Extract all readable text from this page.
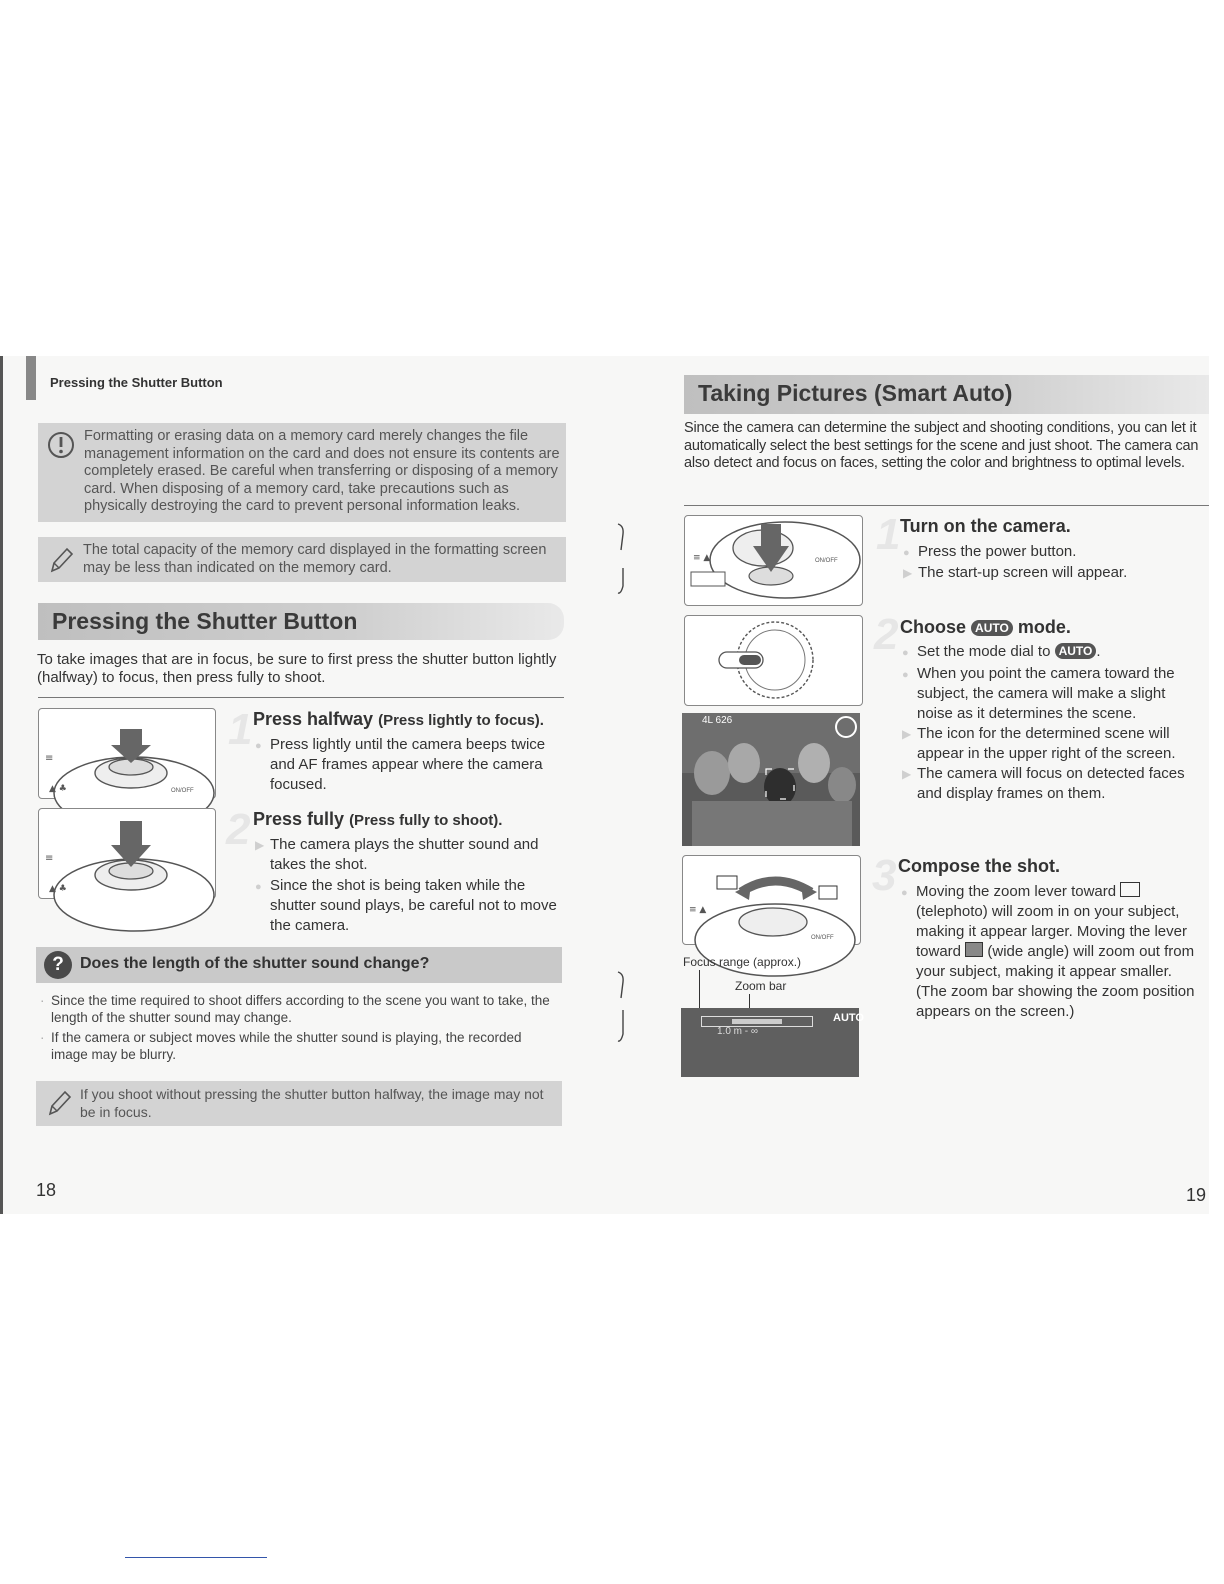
Pressing the Shutter Button
Formatting or erasing data on a memory card merely changes the file management information on the card and does not ensure its contents are completely erased. Be careful when transferring or disposing of a memory card. When disposing of a memory card, take precautions such as physically destroying the card to prevent personal information leaks.
The total capacity of the memory card displayed in the formatting screen may be less than indicated on the memory card.
Pressing the Shutter Button
To take images that are in focus, be sure to first press the shutter button lightly (halfway) to focus, then press fully to shoot.
≡
▲ ♣	ON/OFF
1 Press halfway (Press lightly to focus).
● Press lightly until the camera beeps twice and AF frames appear where the camera focused.
≡
▲ ♣
2 Press fully (Press fully to shoot).
▶ The camera plays the shutter sound and takes the shot.
● Since the shot is being taken while the shutter sound plays, be careful not to move the camera.
?	Does the length of the shutter sound change?
· Since the time required to shoot differs according to the scene you want to take, the length of the shutter sound may change.
· If the camera or subject moves while the shutter sound is playing, the recorded image may be blurry.
If you shoot without pressing the shutter button halfway, the image may not be in focus.
18
Taking Pictures (Smart Auto)
Since the camera can determine the subject and shooting conditions, you can let it automatically select the best settings for the scene and just shoot. The camera can also detect and focus on faces, setting the color and brightness to optimal levels.
≡ ▲	ON/OFF
1 Turn on the camera.
● Press the power button.
▶ The start-up screen will appear.
2 Choose AUTO mode.
● Set the mode dial to AUTO .
● When you point the camera toward the subject, the camera will make a slight noise as it determines the scene.
▶ The icon for the determined scene will appear in the upper right of the screen.
▶ The camera will focus on detected faces and display frames on them.
4L 626
≡ ▲
ON/OFF
Focus range (approx.)
Zoom bar
1.0 m - ∞
AUTO
3 Compose the shot.
● Moving the zoom lever toward  (telephoto) will zoom in on your subject, making it appear larger. Moving the lever toward (wide angle) will zoom out from your subject, making it appear smaller. (The zoom bar showing the zoom position appears on the screen.)
19
